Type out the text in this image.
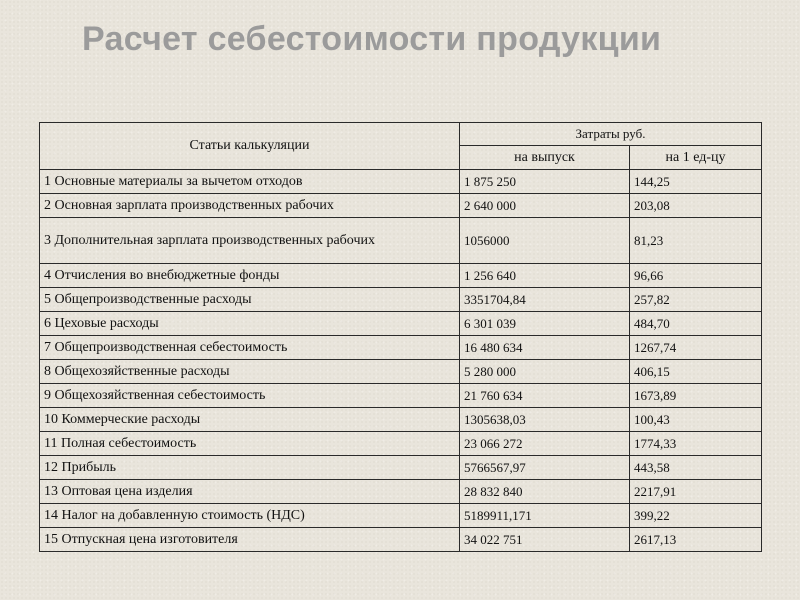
Расчет себестоимости продукции
Статьи калькуляции	Затраты руб.	
	на выпуск	на 1 ед-цу
1 Основные материалы за вычетом отходов	1 875 250	144,25
2 Основная зарплата производственных рабочих	2 640 000	203,08
3 Дополнительная зарплата производственных рабочих	1056000	81,23
4 Отчисления во внебюджетные фонды	1 256 640	96,66
5 Общепроизводственные расходы	3351704,84	257,82
6 Цеховые расходы	6 301 039	484,70
7 Общепроизводственная себестоимость	16 480 634	1267,74
8 Общехозяйственные расходы	5 280 000	406,15
9 Общехозяйственная себестоимость	21 760 634	1673,89
10 Коммерческие расходы	1305638,03	100,43
11 Полная себестоимость	23 066 272	1774,33
12 Прибыль	5766567,97	443,58
13 Оптовая цена изделия	28 832 840	2217,91
14 Налог на добавленную стоимость (НДС)	5189911,171	399,22
15 Отпускная цена изготовителя	34 022 751	2617,13
